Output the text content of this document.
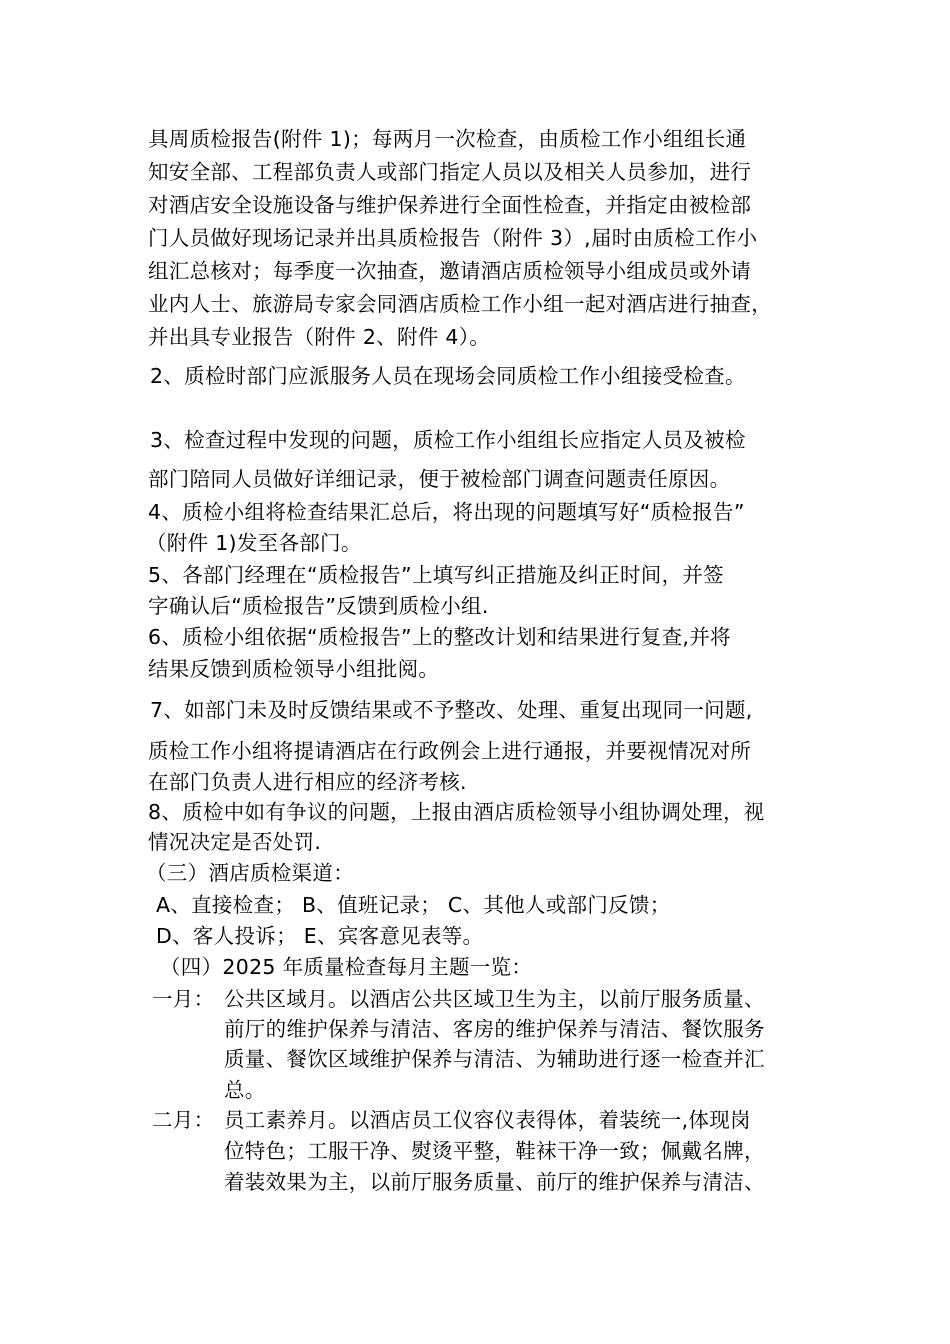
具周质检报告(附件 1)；每两月一次检查，由质检工作小组组长通
知安全部、工程部负责人或部门指定人员以及相关人员参加，进行
对酒店安全设施设备与维护保养进行全面性检查，并指定由被检部
门人员做好现场记录并出具质检报告（附件 3）,届时由质检工作小
组汇总核对；每季度一次抽查，邀请酒店质检领导小组成员或外请
业内人士、旅游局专家会同酒店质检工作小组一起对酒店进行抽查，
并出具专业报告（附件 2、附件 4）。
2、质检时部门应派服务人员在现场会同质检工作小组接受检查。
3、检查过程中发现的问题，质检工作小组组长应指定人员及被检
部门陪同人员做好详细记录，便于被检部门调查问题责任原因。
4、质检小组将检查结果汇总后，将出现的问题填写好“质检报告”
（附件 1)发至各部门。
5、各部门经理在“质检报告”上填写纠正措施及纠正时间，并签
字确认后“质检报告”反馈到质检小组.
6、质检小组依据“质检报告”上的整改计划和结果进行复查,并将
结果反馈到质检领导小组批阅。
7、如部门未及时反馈结果或不予整改、处理、重复出现同一问题,
质检工作小组将提请酒店在行政例会上进行通报，并要视情况对所
在部门负责人进行相应的经济考核.
8、质检中如有争议的问题，上报由酒店质检领导小组协调处理，视
情况决定是否处罚.
（三）酒店质检渠道：
A、直接检查； B、值班记录； C、其他人或部门反馈；
D、客人投诉； E、宾客意见表等。
（四）2025 年质量检查每月主题一览：
一月： 公共区域月。以酒店公共区域卫生为主，以前厅服务质量、
前厅的维护保养与清洁、客房的维护保养与清洁、餐饮服务
质量、餐饮区域维护保养与清洁、为辅助进行逐一检查并汇
总。
二月： 员工素养月。以酒店员工仪容仪表得体，着装统一,体现岗
位特色；工服干净、熨烫平整，鞋袜干净一致；佩戴名牌，
着装效果为主，以前厅服务质量、前厅的维护保养与清洁、
